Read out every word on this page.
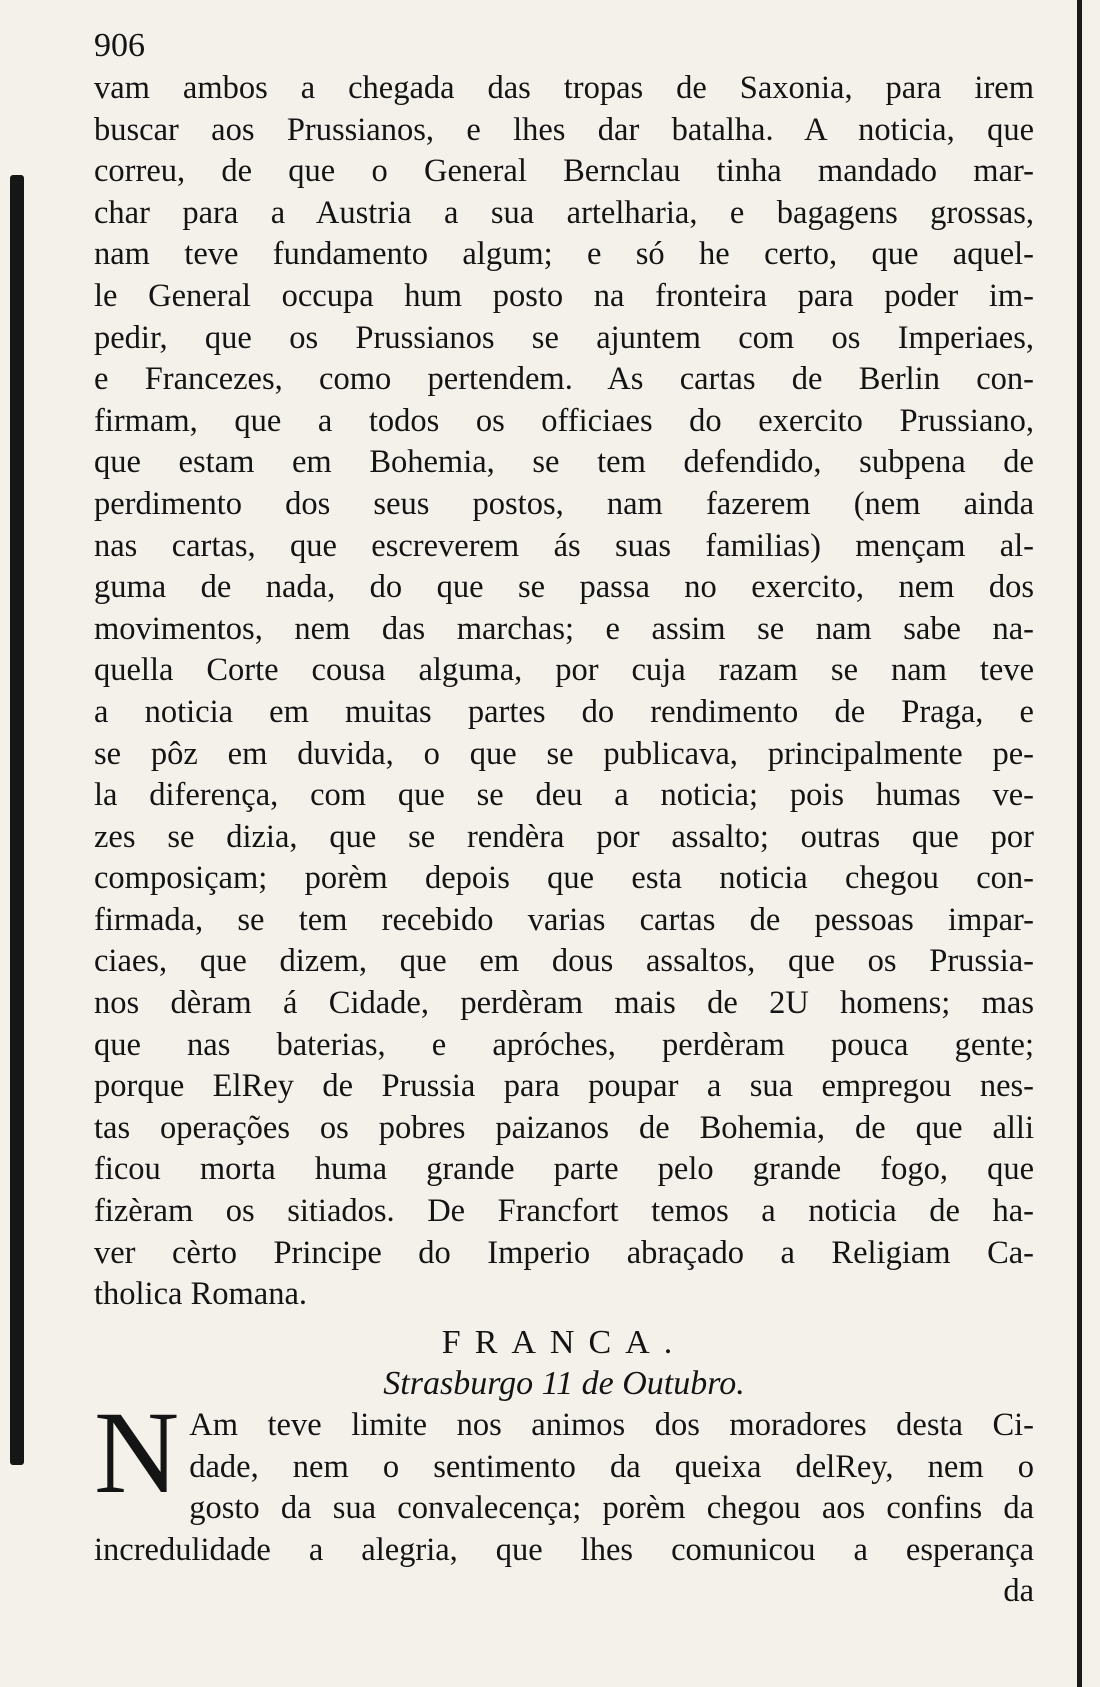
906
vam ambos a chegada das tropas de Saxonia, para irem
buscar aos Prussianos, e lhes dar batalha. A noticia, que
correu, de que o General Bernclau tinha mandado mar-
char para a Austria a sua artelharia, e bagagens grossas,
nam teve fundamento algum; e só he certo, que aquel-
le General occupa hum posto na fronteira para poder im-
pedir, que os Prussianos se ajuntem com os Imperiaes,
e Francezes, como pertendem. As cartas de Berlin con-
firmam, que a todos os officiaes do exercito Prussiano,
que estam em Bohemia, se tem defendido, subpena de
perdimento dos seus postos, nam fazerem (nem ainda
nas cartas, que escreverem ás suas familias) mençam al-
guma de nada, do que se passa no exercito, nem dos
movimentos, nem das marchas; e assim se nam sabe na-
quella Corte cousa alguma, por cuja razam se nam teve
a noticia em muitas partes do rendimento de Praga, e
se pôz em duvida, o que se publicava, principalmente pe-
la diferença, com que se deu a noticia; pois humas ve-
zes se dizia, que se rendèra por assalto; outras que por
composiçam; porèm depois que esta noticia chegou con-
firmada, se tem recebido varias cartas de pessoas impar-
ciaes, que dizem, que em dous assaltos, que os Prussia-
nos dèram á Cidade, perdèram mais de 2U homens; mas
que nas baterias, e apróches, perdèram pouca gente;
porque ElRey de Prussia para poupar a sua empregou nes-
tas operações os pobres paizanos de Bohemia, de que alli
ficou morta huma grande parte pelo grande fogo, que
fizèram os sitiados. De Francfort temos a noticia de ha-
ver cèrto Principe do Imperio abraçado a Religiam Ca-
tholica Romana.
FRANCA.
Strasburgo 11 de Outubro.
N Am teve limite nos animos dos moradores desta Ci-
dade, nem o sentimento da queixa delRey, nem o
gosto da sua convalecença; porèm chegou aos confins da
incredulidade a alegria, que lhes comunicou a esperança
da
